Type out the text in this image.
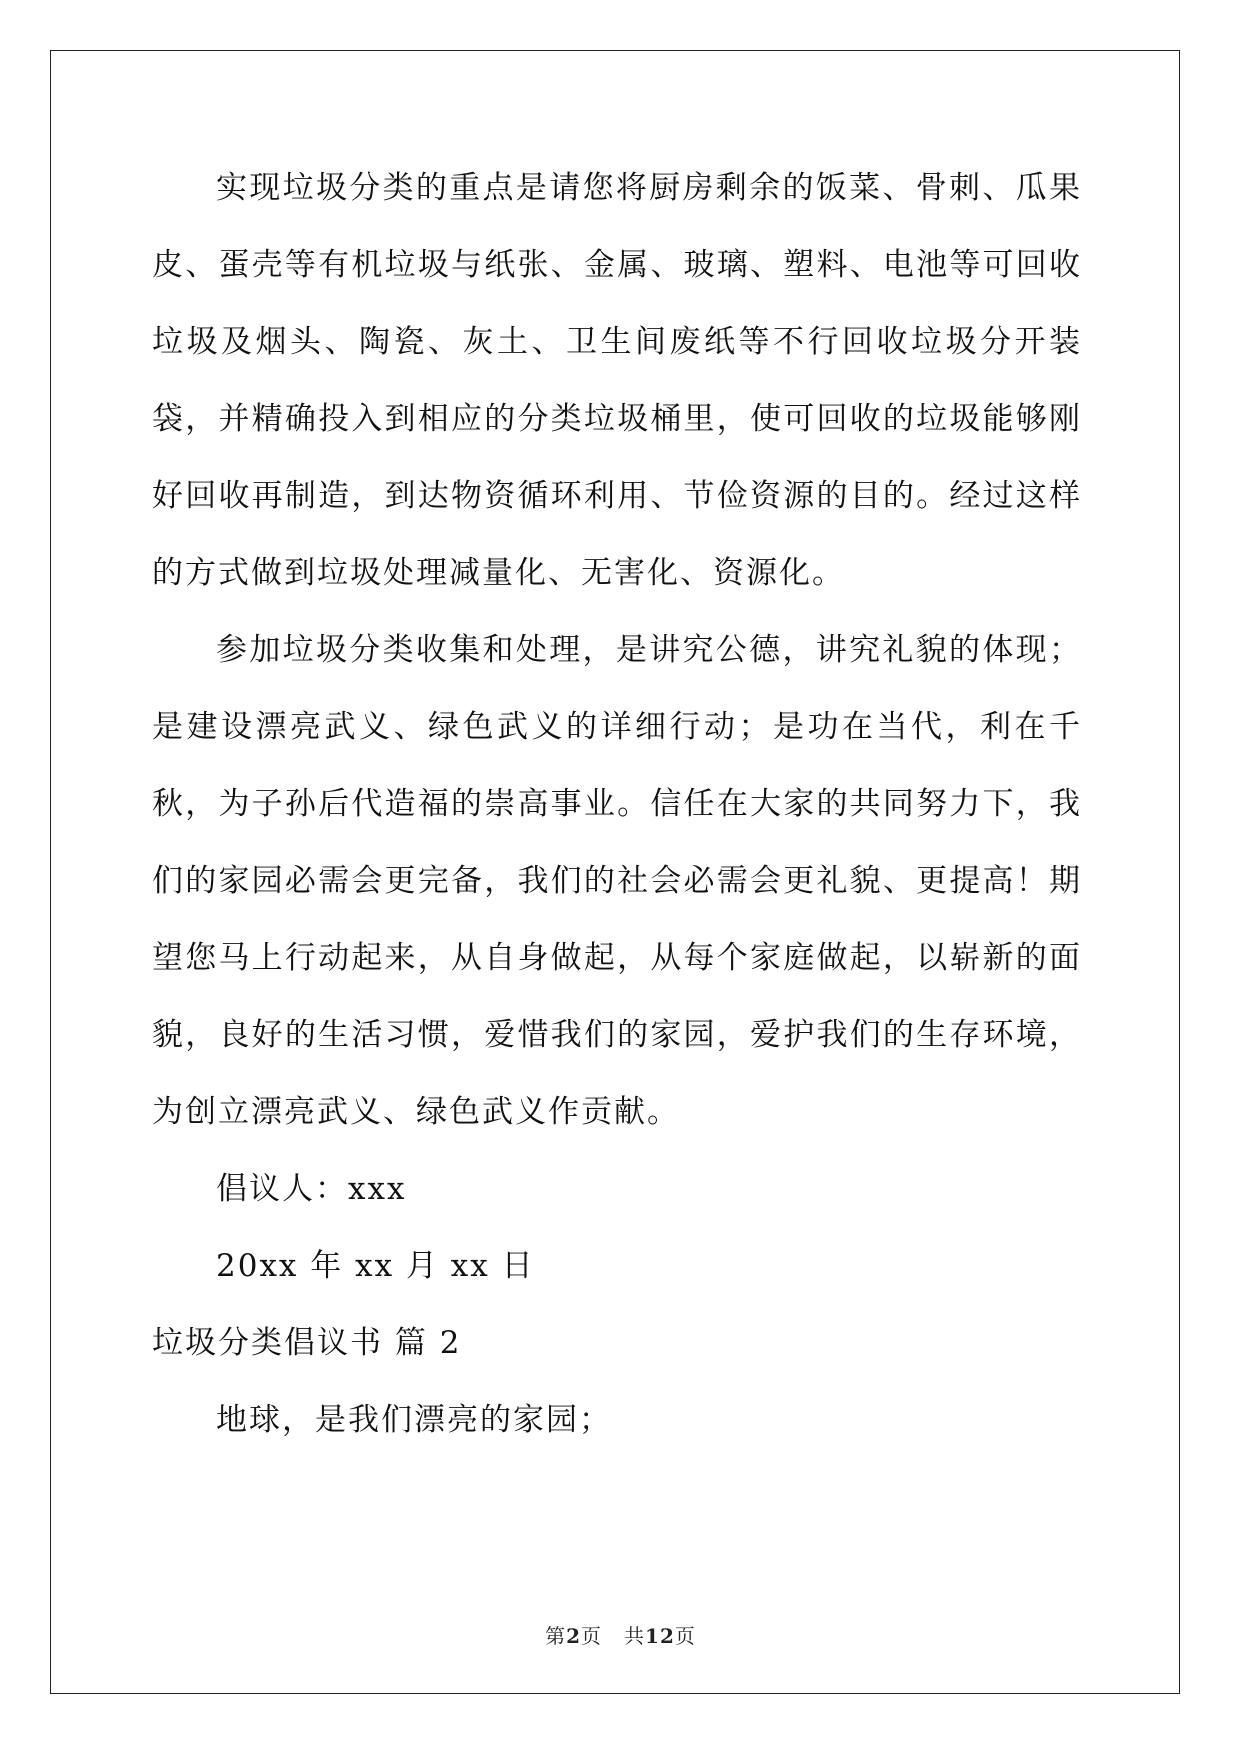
实现垃圾分类的重点是请您将厨房剩余的饭菜、骨刺、瓜果皮、蛋壳等有机垃圾与纸张、金属、玻璃、塑料、电池等可回收垃圾及烟头、陶瓷、灰土、卫生间废纸等不行回收垃圾分开装袋，并精确投入到相应的分类垃圾桶里，使可回收的垃圾能够刚好回收再制造，到达物资循环利用、节俭资源的目的。经过这样的方式做到垃圾处理减量化、无害化、资源化。

参加垃圾分类收集和处理，是讲究公德，讲究礼貌的体现；是建设漂亮武义、绿色武义的详细行动；是功在当代，利在千秋，为子孙后代造福的崇高事业。信任在大家的共同努力下，我们的家园必需会更完备，我们的社会必需会更礼貌、更提高！期望您马上行动起来，从自身做起，从每个家庭做起，以崭新的面貌，良好的生活习惯，爱惜我们的家园，爱护我们的生存环境，为创立漂亮武义、绿色武义作贡献。

倡议人：xxx

20xx 年 xx 月 xx 日

垃圾分类倡议书 篇 2

地球，是我们漂亮的家园；

第2页 共12页
